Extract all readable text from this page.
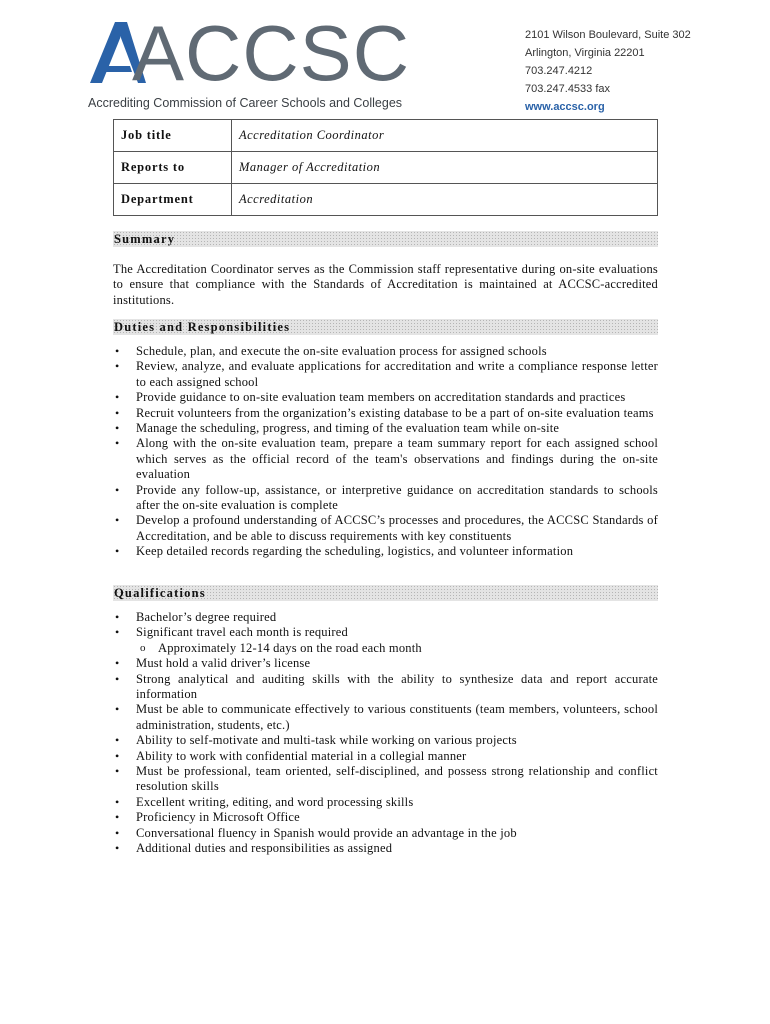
ACCSC
Accrediting Commission of Career Schools and Colleges
2101 Wilson Boulevard, Suite 302
Arlington, Virginia 22201
703.247.4212
703.247.4533 fax
www.accsc.org
Job title	Accreditation Coordinator
Reports to	Manager of Accreditation
Department	Accreditation
Summary
The Accreditation Coordinator serves as the Commission staff representative during on-site evaluations to ensure that compliance with the Standards of Accreditation is maintained at ACCSC-accredited institutions.
Duties and Responsibilities
• Schedule, plan, and execute the on-site evaluation process for assigned schools
• Review, analyze, and evaluate applications for accreditation and write a compliance response letter to each assigned school
• Provide guidance to on-site evaluation team members on accreditation standards and practices
• Recruit volunteers from the organization’s existing database to be a part of on-site evaluation teams
• Manage the scheduling, progress, and timing of the evaluation team while on-site
• Along with the on-site evaluation team, prepare a team summary report for each assigned school which serves as the official record of the team's observations and findings during the on-site evaluation
• Provide any follow-up, assistance, or interpretive guidance on accreditation standards to schools after the on-site evaluation is complete
• Develop a profound understanding of ACCSC’s processes and procedures, the ACCSC Standards of Accreditation, and be able to discuss requirements with key constituents
• Keep detailed records regarding the scheduling, logistics, and volunteer information
Qualifications
• Bachelor’s degree required
• Significant travel each month is required
o Approximately 12-14 days on the road each month
• Must hold a valid driver’s license
• Strong analytical and auditing skills with the ability to synthesize data and report accurate information
• Must be able to communicate effectively to various constituents (team members, volunteers, school administration, students, etc.)
• Ability to self-motivate and multi-task while working on various projects
• Ability to work with confidential material in a collegial manner
• Must be professional, team oriented, self-disciplined, and possess strong relationship and conflict resolution skills
• Excellent writing, editing, and word processing skills
• Proficiency in Microsoft Office
• Conversational fluency in Spanish would provide an advantage in the job
• Additional duties and responsibilities as assigned
